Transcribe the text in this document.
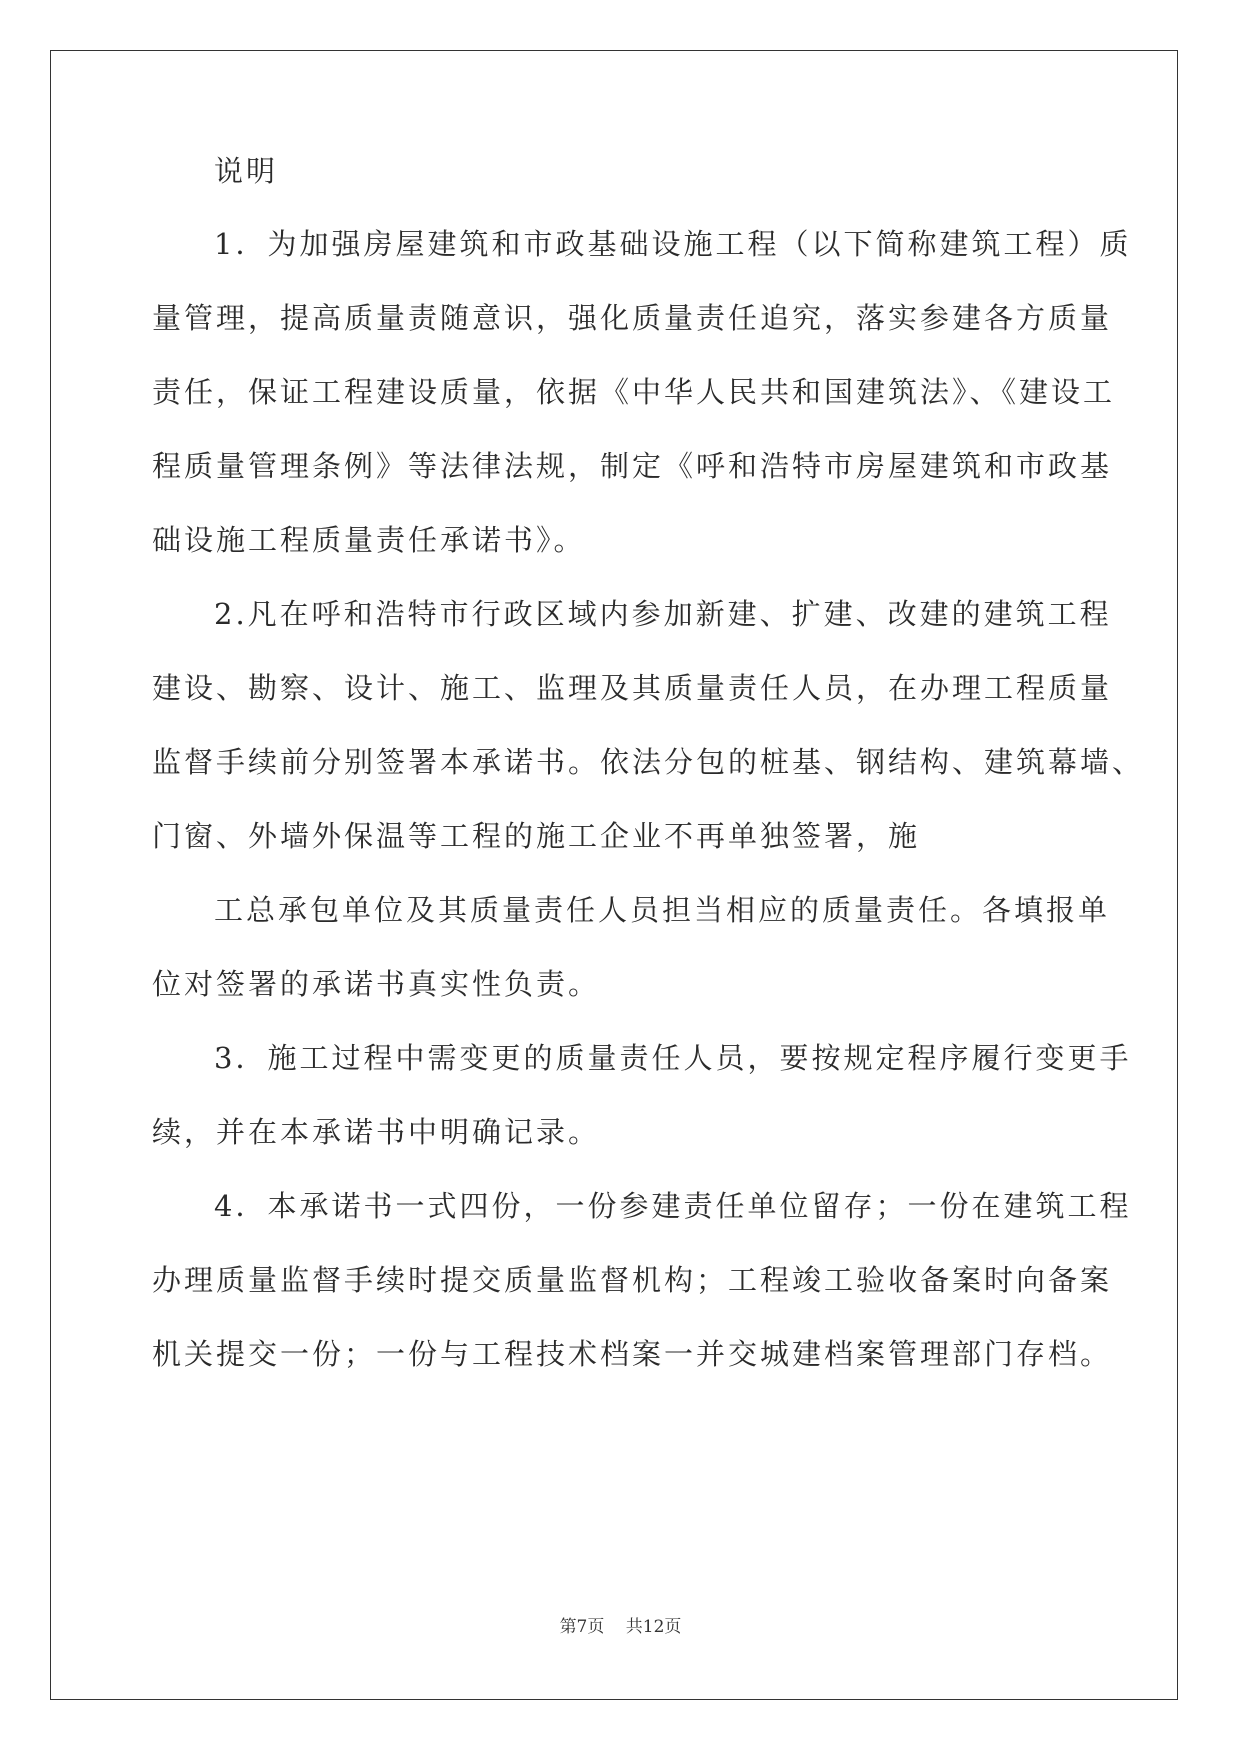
说明
1．为加强房屋建筑和市政基础设施工程（以下简称建筑工程）质
量管理，提高质量责随意识，强化质量责任追究，落实参建各方质量
责任，保证工程建设质量，依据《中华人民共和国建筑法》、《建设工
程质量管理条例》等法律法规，制定《呼和浩特市房屋建筑和市政基
础设施工程质量责任承诺书》。
2.凡在呼和浩特市行政区域内参加新建、扩建、改建的建筑工程
建设、勘察、设计、施工、监理及其质量责任人员，在办理工程质量
监督手续前分别签署本承诺书。依法分包的桩基、钢结构、建筑幕墙、
门窗、外墙外保温等工程的施工企业不再单独签署，施
工总承包单位及其质量责任人员担当相应的质量责任。各填报单
位对签署的承诺书真实性负责。
3．施工过程中需变更的质量责任人员，要按规定程序履行变更手
续，并在本承诺书中明确记录。
4．本承诺书一式四份，一份参建责任单位留存；一份在建筑工程
办理质量监督手续时提交质量监督机构；工程竣工验收备案时向备案
机关提交一份；一份与工程技术档案一并交城建档案管理部门存档。
第7页 共12页
